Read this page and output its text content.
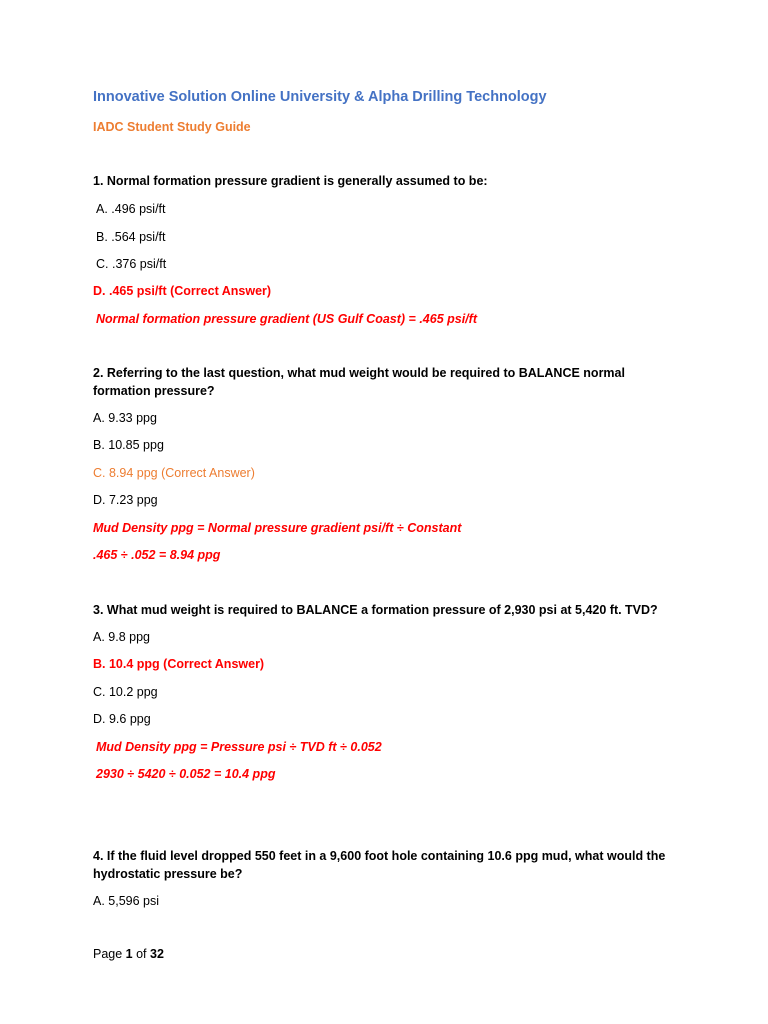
Innovative Solution Online University & Alpha Drilling Technology
IADC Student Study Guide
1. Normal formation pressure gradient is generally assumed to be:
A. .496 psi/ft
B. .564 psi/ft
C. .376 psi/ft
D. .465 psi/ft (Correct Answer)
Normal formation pressure gradient (US Gulf Coast) = .465 psi/ft
2. Referring to the last question, what mud weight would be required to BALANCE normal
formation pressure?
A. 9.33 ppg
B. 10.85 ppg
C. 8.94 ppg (Correct Answer)
D. 7.23 ppg
Mud Density ppg = Normal pressure gradient psi/ft ÷ Constant
.465 ÷ .052 = 8.94 ppg
3. What mud weight is required to BALANCE a formation pressure of 2,930 psi at 5,420 ft. TVD?
A. 9.8 ppg
B. 10.4 ppg (Correct Answer)
C. 10.2 ppg
D. 9.6 ppg
Mud Density ppg = Pressure psi ÷ TVD ft ÷ 0.052
2930 ÷ 5420 ÷ 0.052 = 10.4 ppg
4. If the fluid level dropped 550 feet in a 9,600 foot hole containing 10.6 ppg mud, what would the
hydrostatic pressure be?
A. 5,596 psi
Page 1 of 32
